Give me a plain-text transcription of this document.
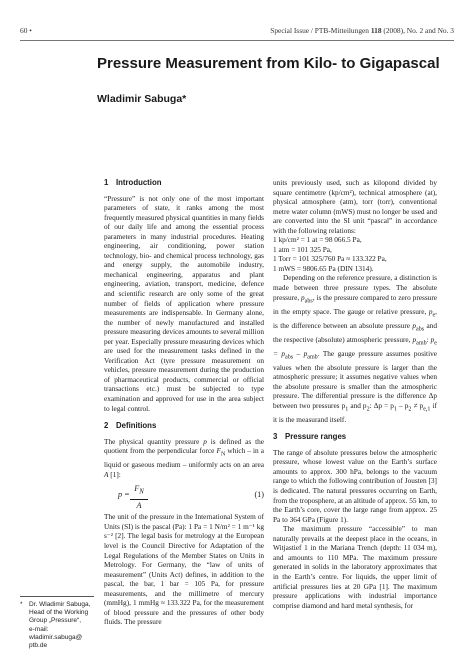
60 •	Special Issue / PTB-Mitteilungen 118 (2008), No. 2 and No. 3
Pressure Measurement from Kilo- to Gigapascal
Wladimir Sabuga*
1 Introduction

“Pressure” is not only one of the most important parameters of state, it ranks among the most frequently measured physical quantities in many fields of our daily life and among the essential process parameters in many industrial procedures. Heating engineering, air conditioning, power station technology, bio- and chemical process technology, gas and energy supply, the automobile industry, mechanical engineering, apparatus and plant engineering, aviation, transport, medicine, defence and scientific research are only some of the great number of fields of application where pressure measurements are indispensable. In Germany alone, the number of newly manufactured and installed pressure measuring devices amounts to several million per year. Especially pressure measuring devices which are used for the measurement tasks defined in the Verification Act (tyre pressure measurement on vehicles, pressure measurement during the production of pharmaceutical products, commercial or official transactions etc.) must be subjected to type examination and approved for use in the area subject to legal control.

2 Definitions

The physical quantity pressure p is defined as the quotient from the perpendicular force $F_N$ which – in a liquid or gaseous medium – uniformly acts on an area A [1]:

$p = \frac{F_N}{A}$	(1)

The unit of the pressure in the International System of Units (SI) is the pascal (Pa): 1 Pa = 1 N/m² = 1 m⁻¹ kg s⁻² [2]. The legal basis for metrology at the European level is the Council Directive for Adaptation of the Legal Regulations of the Member States on Units in Metrology. For Germany, the “law of units of measurement” (Units Act) defines, in addition to the pascal, the bar, 1 bar = 105 Pa, for pressure measurements, and the millimetre of mercury (mmHg), 1 mmHg ≈ 133.322 Pa, for the measurement of blood pressure and the pressures of other body fluids. The pressure

units previously used, such as kilopond divided by square centimetre (kp/cm²), technical atmosphere (at), physical atmosphere (atm), torr (torr), conventional metre water column (mWS) must no longer be used and are converted into the SI unit “pascal” in accordance with the following relations:

1 kp/cm² = 1 at = 98 066.5 Pa,

1 atm = 101 325 Pa,

1 Torr = 101 325/760 Pa ≈ 133.322 Pa,

1 mWS = 9806.65 Pa (DIN 1314).

Depending on the reference pressure, a distinction is made between three pressure types. The absolute pressure, $p_{abs}$, is the pressure compared to zero pressure in the empty space. The gauge or relative pressure, $p_e$, is the difference between an absolute pressure $p_{abs}$ and the respective (absolute) atmospheric pressure, $p_{amb}$: $p_e = p_{abs} - p_{amb}$. The gauge pressure assumes positive values when the absolute pressure is larger than the atmospheric pressure; it assumes negative values when the absolute pressure is smaller than the atmospheric pressure. The differential pressure is the difference Δp between two pressures $p_1$ and $p_2$: $\Delta p = p_1 - p_2 \ne p_{e,1}$ if it is the measurand itself.

3 Pressure ranges

The range of absolute pressures below the atmospheric pressure, whose lowest value on the Earth’s surface amounts to approx. 300 hPa, belongs to the vacuum range to which the following contribution of Jousten [3] is dedicated. The natural pressures occurring on Earth, from the troposphere, at an altitude of approx. 55 km, to the Earth’s core, cover the large range from approx. 25 Pa to 364 GPa (Figure 1).

The maximum pressure “accessible” to man naturally prevails at the deepest place in the oceans, in Witjastief 1 in the Mariana Trench (depth: 11 034 m), and amounts to 110 MPa. The maximum pressure generated in solids in the laboratory approximates that in the Earth’s centre. For liquids, the upper limit of artificial pressures lies at 20 GPa [1]. The maximum pressure applications with industrial importance comprise diamond and hard metal synthesis, for

* Dr. Wladimir Sabuga,
Head of the Working
Group „Pressure“,
e-mail:
wladimir.sabuga@
ptb.de
